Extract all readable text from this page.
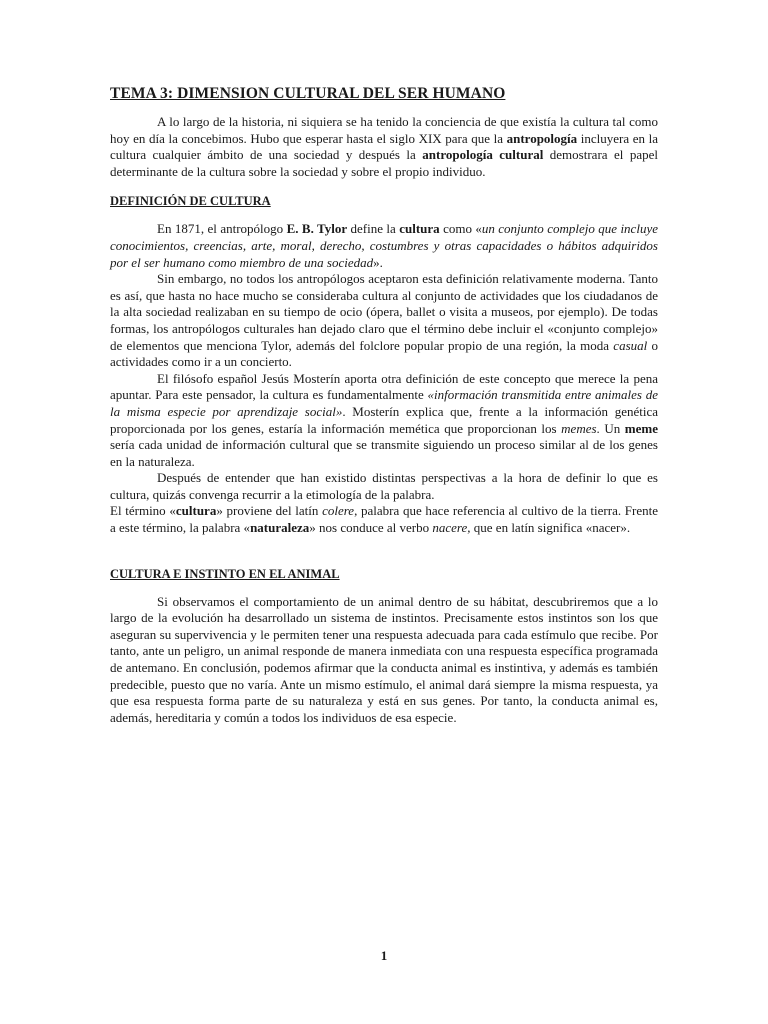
TEMA 3: DIMENSION CULTURAL DEL SER HUMANO

A lo largo de la historia, ni siquiera se ha tenido la conciencia de que existía la cultura tal como hoy en día la concebimos. Hubo que esperar hasta el siglo XIX para que la antropología incluyera en la cultura cualquier ámbito de una sociedad y después la antropología cultural demostrara el papel determinante de la cultura sobre la sociedad y sobre el propio individuo.

DEFINICIÓN DE CULTURA

En 1871, el antropólogo E. B. Tylor define la cultura como «un conjunto complejo que incluye conocimientos, creencias, arte, moral, derecho, costumbres y otras capacidades o hábitos adquiridos por el ser humano como miembro de una sociedad».

Sin embargo, no todos los antropólogos aceptaron esta definición relativamente moderna. Tanto es así, que hasta no hace mucho se consideraba cultura al conjunto de actividades que los ciudadanos de la alta sociedad realizaban en su tiempo de ocio (ópera, ballet o visita a museos, por ejemplo). De todas formas, los antropólogos culturales han dejado claro que el término debe incluir el «conjunto complejo» de elementos que menciona Tylor, además del folclore popular propio de una región, la moda casual o actividades como ir a un concierto.

El filósofo español Jesús Mosterín aporta otra definición de este concepto que merece la pena apuntar. Para este pensador, la cultura es fundamentalmente «información transmitida entre animales de la misma especie por aprendizaje social». Mosterín explica que, frente a la información genética proporcionada por los genes, estaría la información memética que proporcionan los memes. Un meme sería cada unidad de información cultural que se transmite siguiendo un proceso similar al de los genes en la naturaleza.

Después de entender que han existido distintas perspectivas a la hora de definir lo que es cultura, quizás convenga recurrir a la etimología de la palabra.

El término «cultura» proviene del latín colere, palabra que hace referencia al cultivo de la tierra. Frente a este término, la palabra «naturaleza» nos conduce al verbo nacere, que en latín significa «nacer».

CULTURA E INSTINTO EN EL ANIMAL

Si observamos el comportamiento de un animal dentro de su hábitat, descubriremos que a lo largo de la evolución ha desarrollado un sistema de instintos. Precisamente estos instintos son los que aseguran su supervivencia y le permiten tener una respuesta adecuada para cada estímulo que recibe. Por tanto, ante un peligro, un animal responde de manera inmediata con una respuesta específica programada de antemano. En conclusión, podemos afirmar que la conducta animal es instintiva, y además es también predecible, puesto que no varía. Ante un mismo estímulo, el animal dará siempre la misma respuesta, ya que esa respuesta forma parte de su naturaleza y está en sus genes. Por tanto, la conducta animal es, además, hereditaria y común a todos los individuos de esa especie.

1
